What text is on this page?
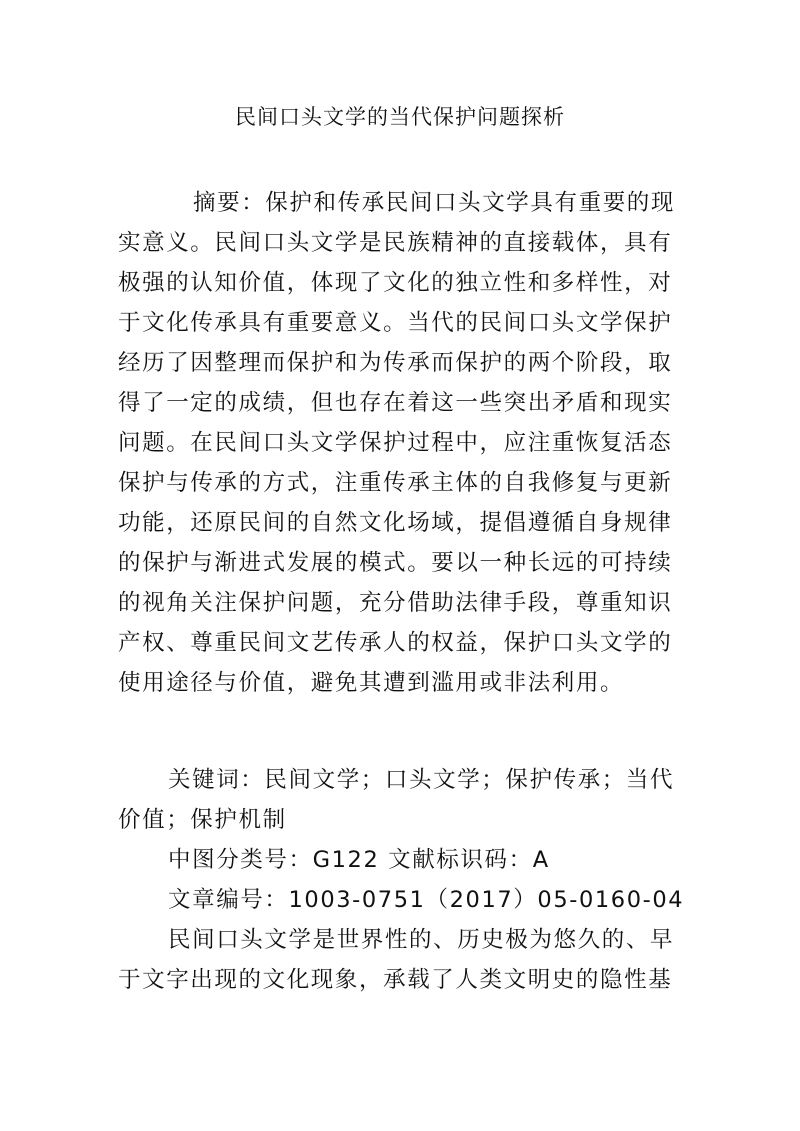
民间口头文学的当代保护问题探析
摘要：保护和传承民间口头文学具有重要的现
实意义。民间口头文学是民族精神的直接载体，具有
极强的认知价值，体现了文化的独立性和多样性，对
于文化传承具有重要意义。当代的民间口头文学保护
经历了因整理而保护和为传承而保护的两个阶段，取
得了一定的成绩，但也存在着这一些突出矛盾和现实
问题。在民间口头文学保护过程中，应注重恢复活态
保护与传承的方式，注重传承主体的自我修复与更新
功能，还原民间的自然文化场域，提倡遵循自身规律
的保护与渐进式发展的模式。要以一种长远的可持续
的视角关注保护问题，充分借助法律手段，尊重知识
产权、尊重民间文艺传承人的权益，保护口头文学的
使用途径与价值，避免其遭到滥用或非法利用。
关键词：民间文学；口头文学；保护传承；当代
价值；保护机制
中图分类号：G122 文献标识码：A
文章编号：1003-0751（2017）05-0160-04
民间口头文学是世界性的、历史极为悠久的、早
于文字出现的文化现象，承载了人类文明史的隐性基
